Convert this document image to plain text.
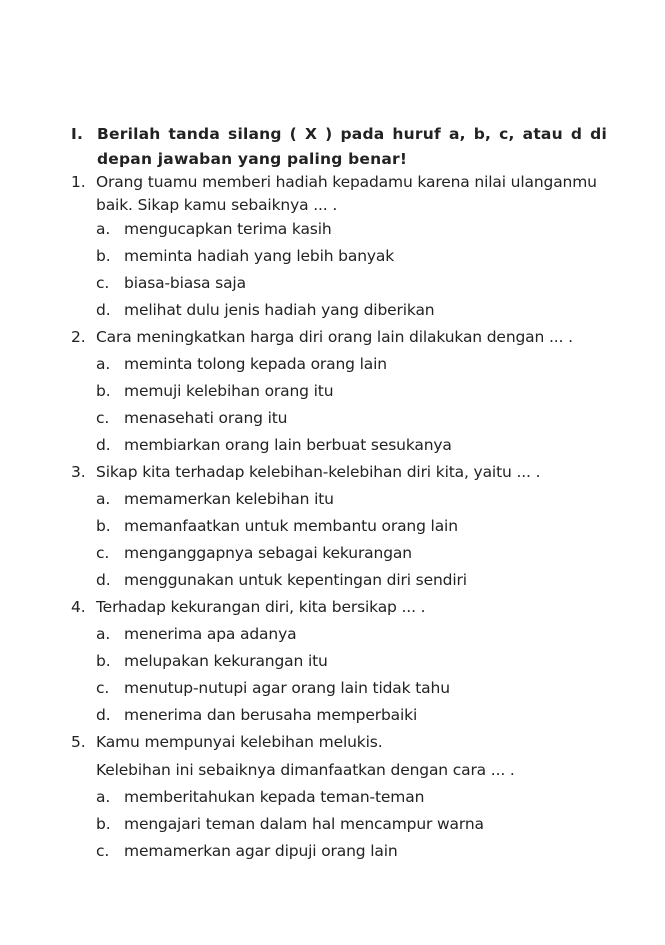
I. Berilah tanda silang ( X ) pada huruf a, b, c, atau d di depan jawaban yang paling benar!
1. Orang tuamu memberi hadiah kepadamu karena nilai ulanganmu baik. Sikap kamu sebaiknya ... .
a. mengucapkan terima kasih
b. meminta hadiah yang lebih banyak
c. biasa-biasa saja
d. melihat dulu jenis hadiah yang diberikan
2. Cara meningkatkan harga diri orang lain dilakukan dengan ... .
a. meminta tolong kepada orang lain
b. memuji kelebihan orang itu
c. menasehati orang itu
d. membiarkan orang lain berbuat sesukanya
3. Sikap kita terhadap kelebihan-kelebihan diri kita, yaitu ... .
a. memamerkan kelebihan itu
b. memanfaatkan untuk membantu orang lain
c. menganggapnya sebagai kekurangan
d. menggunakan untuk kepentingan diri sendiri
4. Terhadap kekurangan diri, kita bersikap ... .
a. menerima apa adanya
b. melupakan kekurangan itu
c. menutup-nutupi agar orang lain tidak tahu
d. menerima dan berusaha memperbaiki
5. Kamu mempunyai kelebihan melukis.
Kelebihan ini sebaiknya dimanfaatkan dengan cara ... .
a. memberitahukan kepada teman-teman
b. mengajari teman dalam hal mencampur warna
c. memamerkan agar dipuji orang lain
